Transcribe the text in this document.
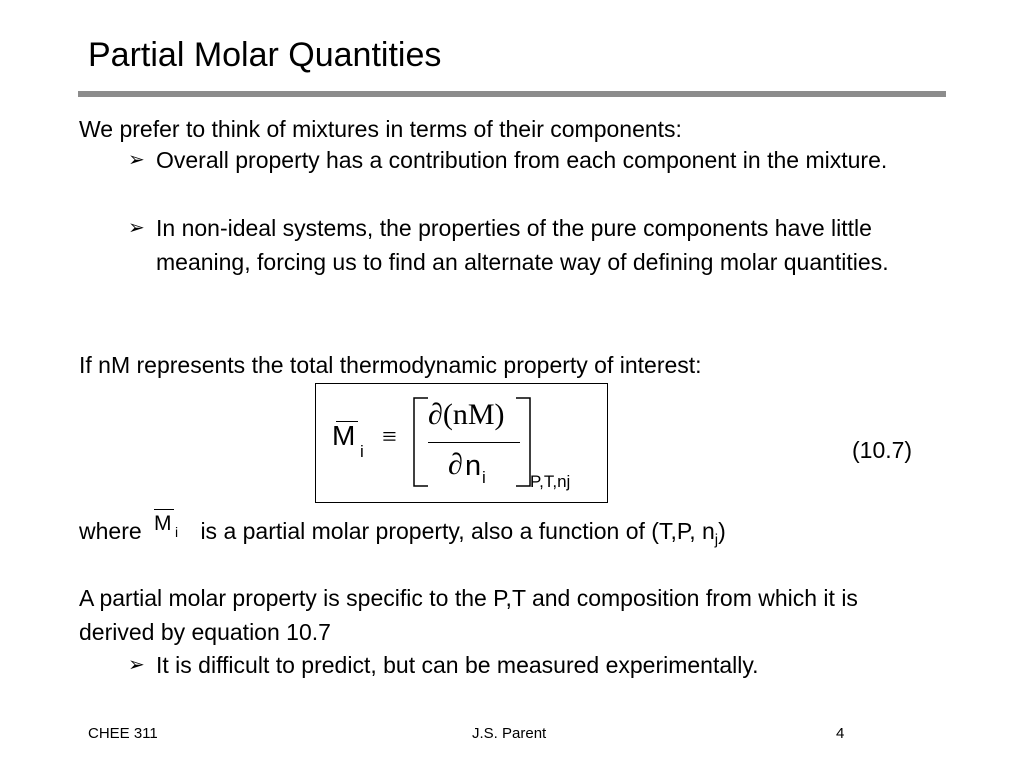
Partial Molar Quantities
We prefer to think of mixtures in terms of their components:
➢ Overall property has a contribution from each component in the mixture.
➢ In non-ideal systems, the properties of the pure components have little meaning, forcing us to find an alternate way of defining molar quantities.
If nM represents the total thermodynamic property of interest:
M
i
≡
∂(nM)
∂ n i	P,T,nj
(10.7)
where M i is a partial molar property, also a function of (T,P, $n_j$)
A partial molar property is specific to the P,T and composition from which it is derived by equation 10.7
➢ It is difficult to predict, but can be measured experimentally.
CHEE 311	J.S. Parent	4
